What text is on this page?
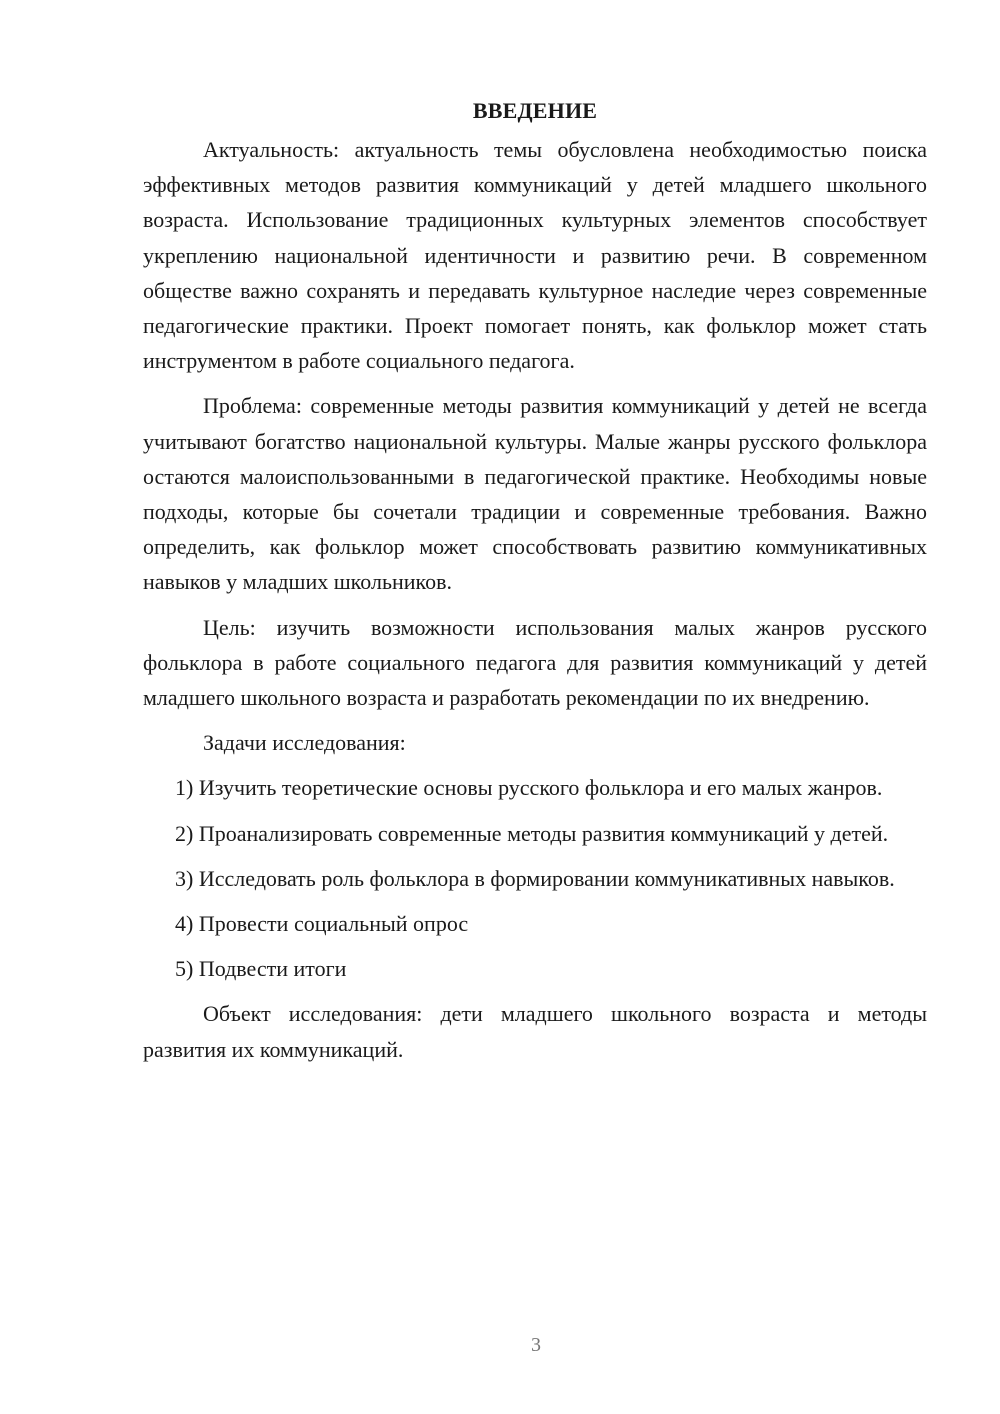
ВВЕДЕНИЕ

Актуальность: актуальность темы обусловлена необходимостью поиска эффективных методов развития коммуникаций у детей младшего школьного возраста. Использование традиционных культурных элементов способствует укреплению национальной идентичности и развитию речи. В современном обществе важно сохранять и передавать культурное наследие через современные педагогические практики. Проект помогает понять, как фольклор может стать инструментом в работе социального педагога.

Проблема: современные методы развития коммуникаций у детей не всегда учитывают богатство национальной культуры. Малые жанры русского фольклора остаются малоиспользованными в педагогической практике. Необходимы новые подходы, которые бы сочетали традиции и современные требования. Важно определить, как фольклор может способствовать развитию коммуникативных навыков у младших школьников.

Цель: изучить возможности использования малых жанров русского фольклора в работе социального педагога для развития коммуникаций у детей младшего школьного возраста и разработать рекомендации по их внедрению.

Задачи исследования:

1) Изучить теоретические основы русского фольклора и его малых жанров.

2) Проанализировать современные методы развития коммуникаций у детей.

3) Исследовать роль фольклора в формировании коммуникативных навыков.

4) Провести социальный опрос

5) Подвести итоги

Объект исследования: дети младшего школьного возраста и методы развития их коммуникаций.

3
